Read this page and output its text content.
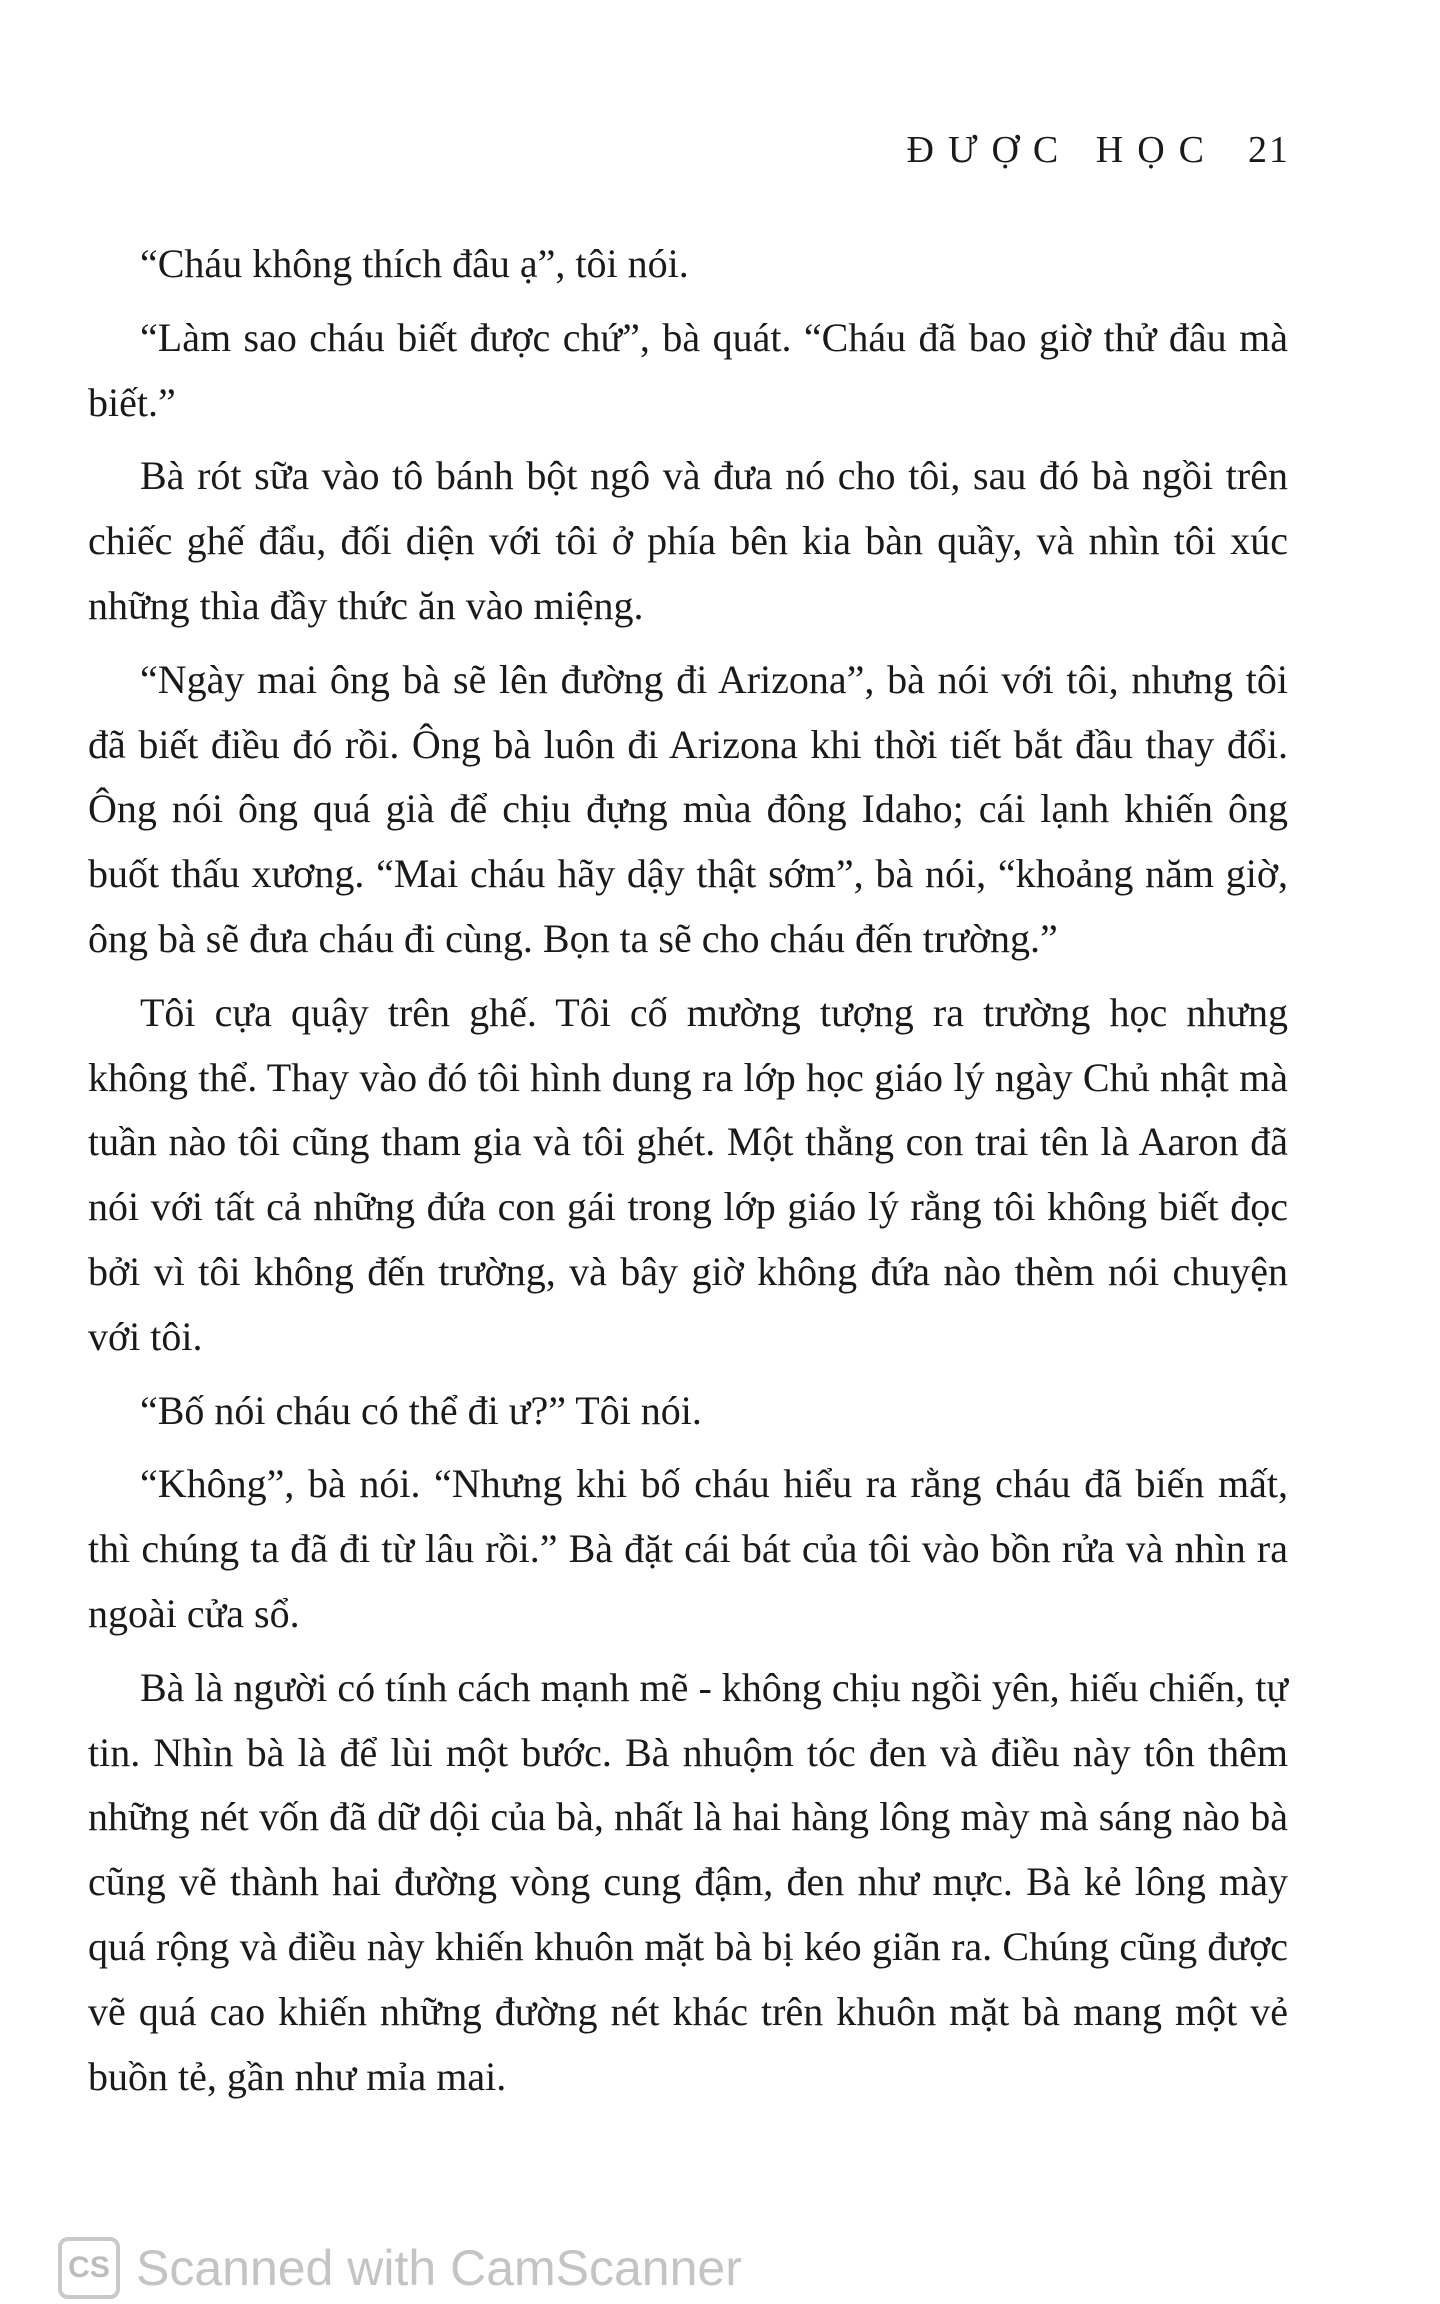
ĐƯỢC HỌC 21

“Cháu không thích đâu ạ”, tôi nói.

“Làm sao cháu biết được chứ”, bà quát. “Cháu đã bao giờ thử đâu mà biết.”

Bà rót sữa vào tô bánh bột ngô và đưa nó cho tôi, sau đó bà ngồi trên chiếc ghế đẩu, đối diện với tôi ở phía bên kia bàn quầy, và nhìn tôi xúc những thìa đầy thức ăn vào miệng.

“Ngày mai ông bà sẽ lên đường đi Arizona”, bà nói với tôi, nhưng tôi đã biết điều đó rồi. Ông bà luôn đi Arizona khi thời tiết bắt đầu thay đổi. Ông nói ông quá già để chịu đựng mùa đông Idaho; cái lạnh khiến ông buốt thấu xương. “Mai cháu hãy dậy thật sớm”, bà nói, “khoảng năm giờ, ông bà sẽ đưa cháu đi cùng. Bọn ta sẽ cho cháu đến trường.”

Tôi cựa quậy trên ghế. Tôi cố mường tượng ra trường học nhưng không thể. Thay vào đó tôi hình dung ra lớp học giáo lý ngày Chủ nhật mà tuần nào tôi cũng tham gia và tôi ghét. Một thằng con trai tên là Aaron đã nói với tất cả những đứa con gái trong lớp giáo lý rằng tôi không biết đọc bởi vì tôi không đến trường, và bây giờ không đứa nào thèm nói chuyện với tôi.

“Bố nói cháu có thể đi ư?” Tôi nói.

“Không”, bà nói. “Nhưng khi bố cháu hiểu ra rằng cháu đã biến mất, thì chúng ta đã đi từ lâu rồi.” Bà đặt cái bát của tôi vào bồn rửa và nhìn ra ngoài cửa sổ.

Bà là người có tính cách mạnh mẽ - không chịu ngồi yên, hiếu chiến, tự tin. Nhìn bà là để lùi một bước. Bà nhuộm tóc đen và điều này tôn thêm những nét vốn đã dữ dội của bà, nhất là hai hàng lông mày mà sáng nào bà cũng vẽ thành hai đường vòng cung đậm, đen như mực. Bà kẻ lông mày quá rộng và điều này khiến khuôn mặt bà bị kéo giãn ra. Chúng cũng được vẽ quá cao khiến những đường nét khác trên khuôn mặt bà mang một vẻ buồn tẻ, gần như mỉa mai.

CS Scanned with CamScanner
